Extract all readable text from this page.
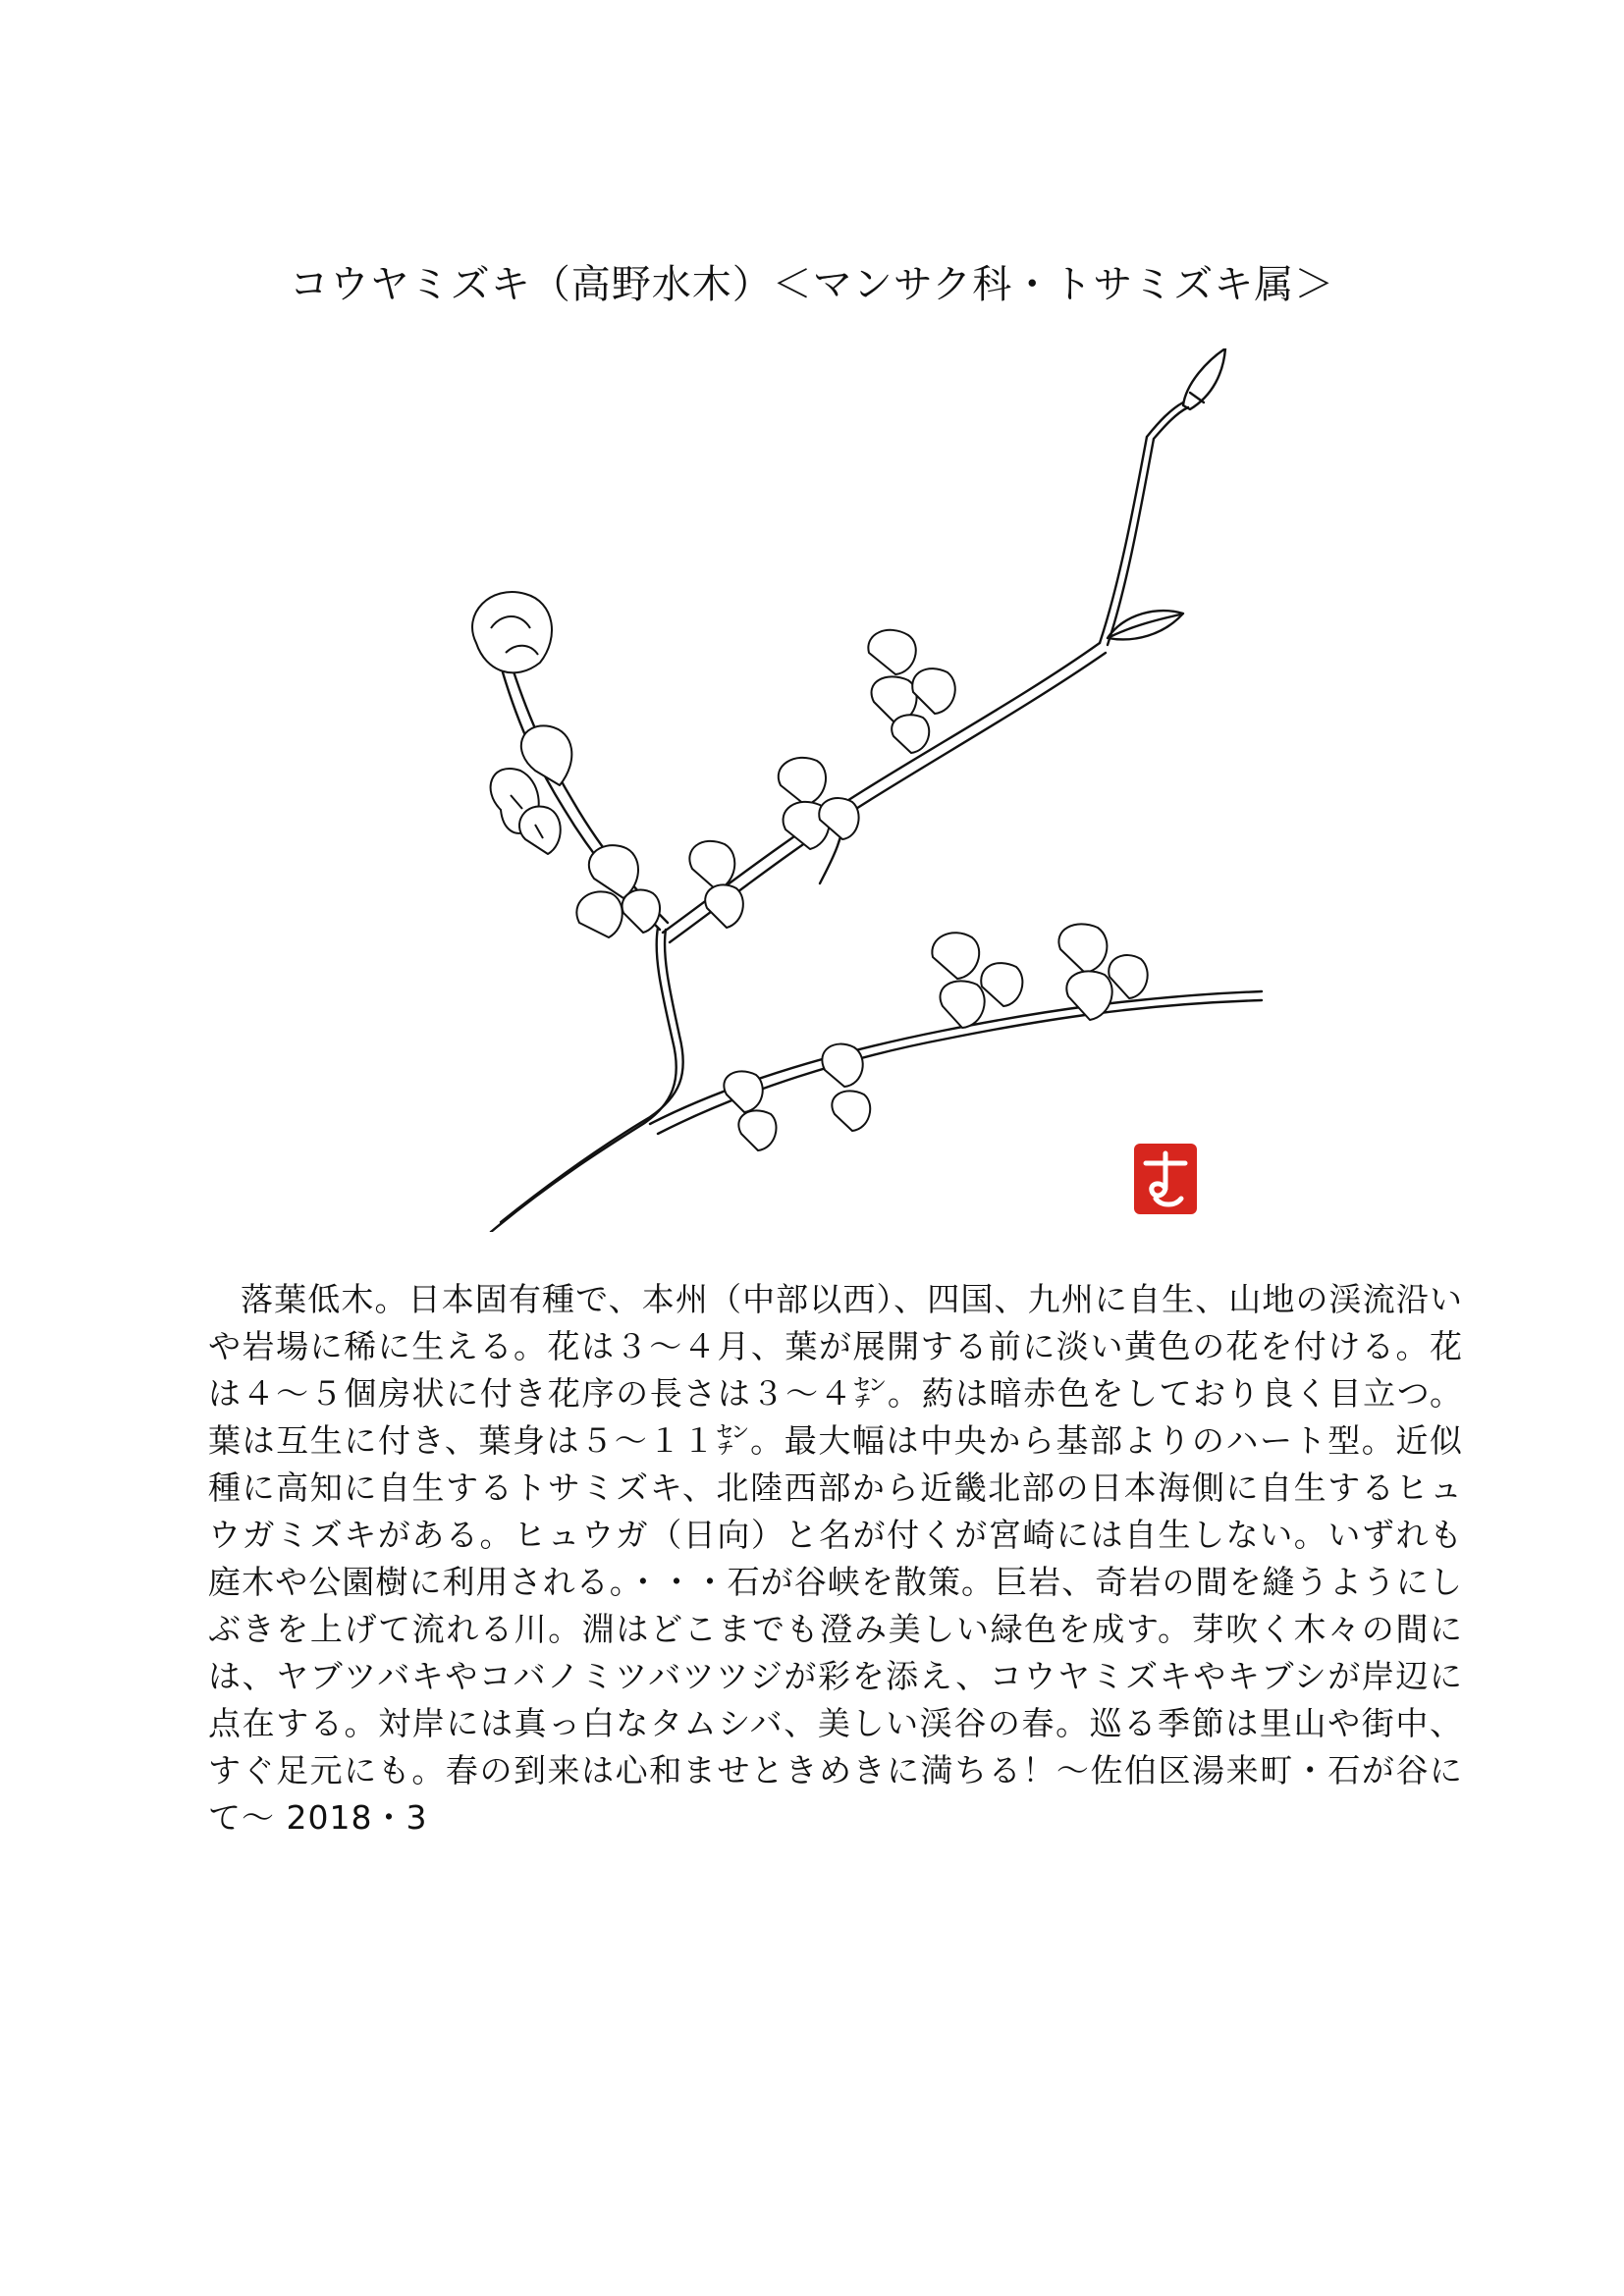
コウヤミズキ（高野水木）＜マンサク科・トサミズキ属＞

落葉低木。日本固有種で、本州（中部以西）、四国、九州に自生、山地の渓流沿いや岩場に稀に生える。花は３～４月、葉が展開する前に淡い黄色の花を付ける。花は４～５個房状に付き花序の長さは３～４㌢。葯は暗赤色をしており良く目立つ。葉は互生に付き、葉身は５～１１㌢。最大幅は中央から基部よりのハート型。近似種に高知に自生するトサミズキ、北陸西部から近畿北部の日本海側に自生するヒュウガミズキがある。ヒュウガ（日向）と名が付くが宮崎には自生しない。いずれも庭木や公園樹に利用される。・・・石が谷峡を散策。巨岩、奇岩の間を縫うようにしぶきを上げて流れる川。淵はどこまでも澄み美しい緑色を成す。芽吹く木々の間には、ヤブツバキやコバノミツバツツジが彩を添え、コウヤミズキやキブシが岸辺に点在する。対岸には真っ白なタムシバ、美しい渓谷の春。巡る季節は里山や街中、すぐ足元にも。春の到来は心和ませときめきに満ちる！～佐伯区湯来町・石が谷にて～ 2018・3
